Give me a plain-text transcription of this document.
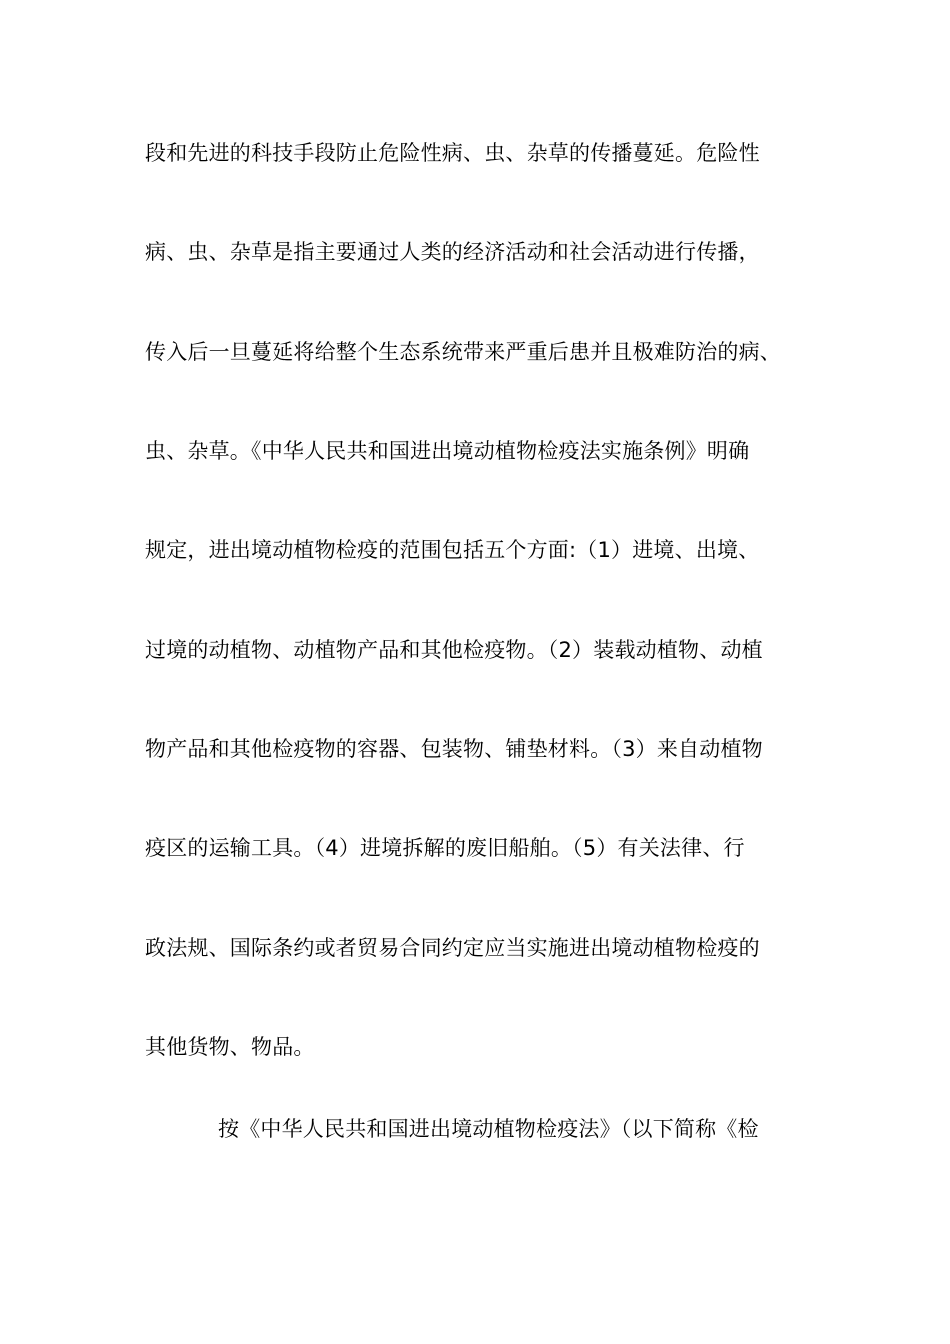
段和先进的科技手段防止危险性病、虫、杂草的传播蔓延。危险性
病、虫、杂草是指主要通过人类的经济活动和社会活动进行传播，
传入后一旦蔓延将给整个生态系统带来严重后患并且极难防治的病、
虫、杂草。《中华人民共和国进出境动植物检疫法实施条例》明确
规定，进出境动植物检疫的范围包括五个方面:（1）进境、出境、
过境的动植物、动植物产品和其他检疫物。（2）装载动植物、动植
物产品和其他检疫物的容器、包装物、铺垫材料。（3）来自动植物
疫区的运输工具。（4）进境拆解的废旧船舶。（5）有关法律、行
政法规、国际条约或者贸易合同约定应当实施进出境动植物检疫的
其他货物、物品。
按《中华人民共和国进出境动植物检疫法》（以下简称《检
